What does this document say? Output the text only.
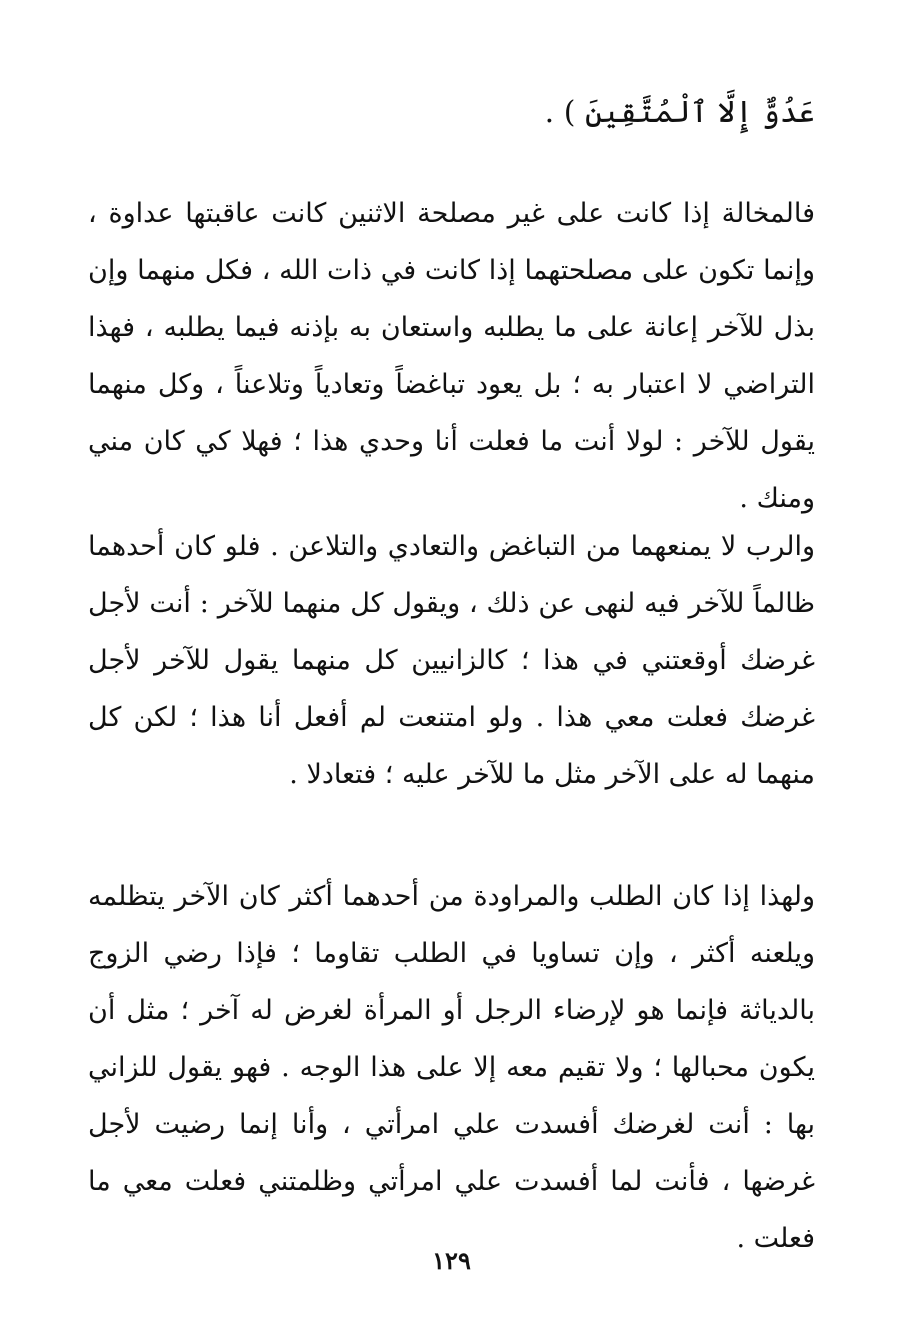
عَدُوٌّ إِلَّا ٱلْمُتَّقِينَ ) .

فالمخالة إذا كانت على غير مصلحة الاثنين كانت عاقبتها عداوة ، وإنما تكون على مصلحتهما إذا كانت في ذات الله ، فكل منهما وإن بذل للآخر إعانة على ما يطلبه واستعان به بإذنه فيما يطلبه ، فهذا التراضي لا اعتبار به ؛ بل يعود تباغضاً وتعادياً وتلاعناً ، وكل منهما يقول للآخر : لولا أنت ما فعلت أنا وحدي هذا ؛ فهلا كي كان مني ومنك .

والرب لا يمنعهما من التباغض والتعادي والتلاعن . فلو كان أحدهما ظالماً للآخر فيه لنهى عن ذلك ، ويقول كل منهما للآخر : أنت لأجل غرضك أوقعتني في هذا ؛ كالزانيين كل منهما يقول للآخر لأجل غرضك فعلت معي هذا . ولو امتنعت لم أفعل أنا هذا ؛ لكن كل منهما له على الآخر مثل ما للآخر عليه ؛ فتعادلا .

ولهذا إذا كان الطلب والمراودة من أحدهما أكثر كان الآخر يتظلمه ويلعنه أكثر ، وإن تساويا في الطلب تقاوما ؛ فإذا رضي الزوج بالدياثة فإنما هو لإرضاء الرجل أو المرأة لغرض له آخر ؛ مثل أن يكون محبالها ؛ ولا تقيم معه إلا على هذا الوجه . فهو يقول للزاني بها : أنت لغرضك أفسدت علي امرأتي ، وأنا إنما رضيت لأجل غرضها ، فأنت لما أفسدت علي امرأتي وظلمتني فعلت معي ما فعلت .

١٢٩
